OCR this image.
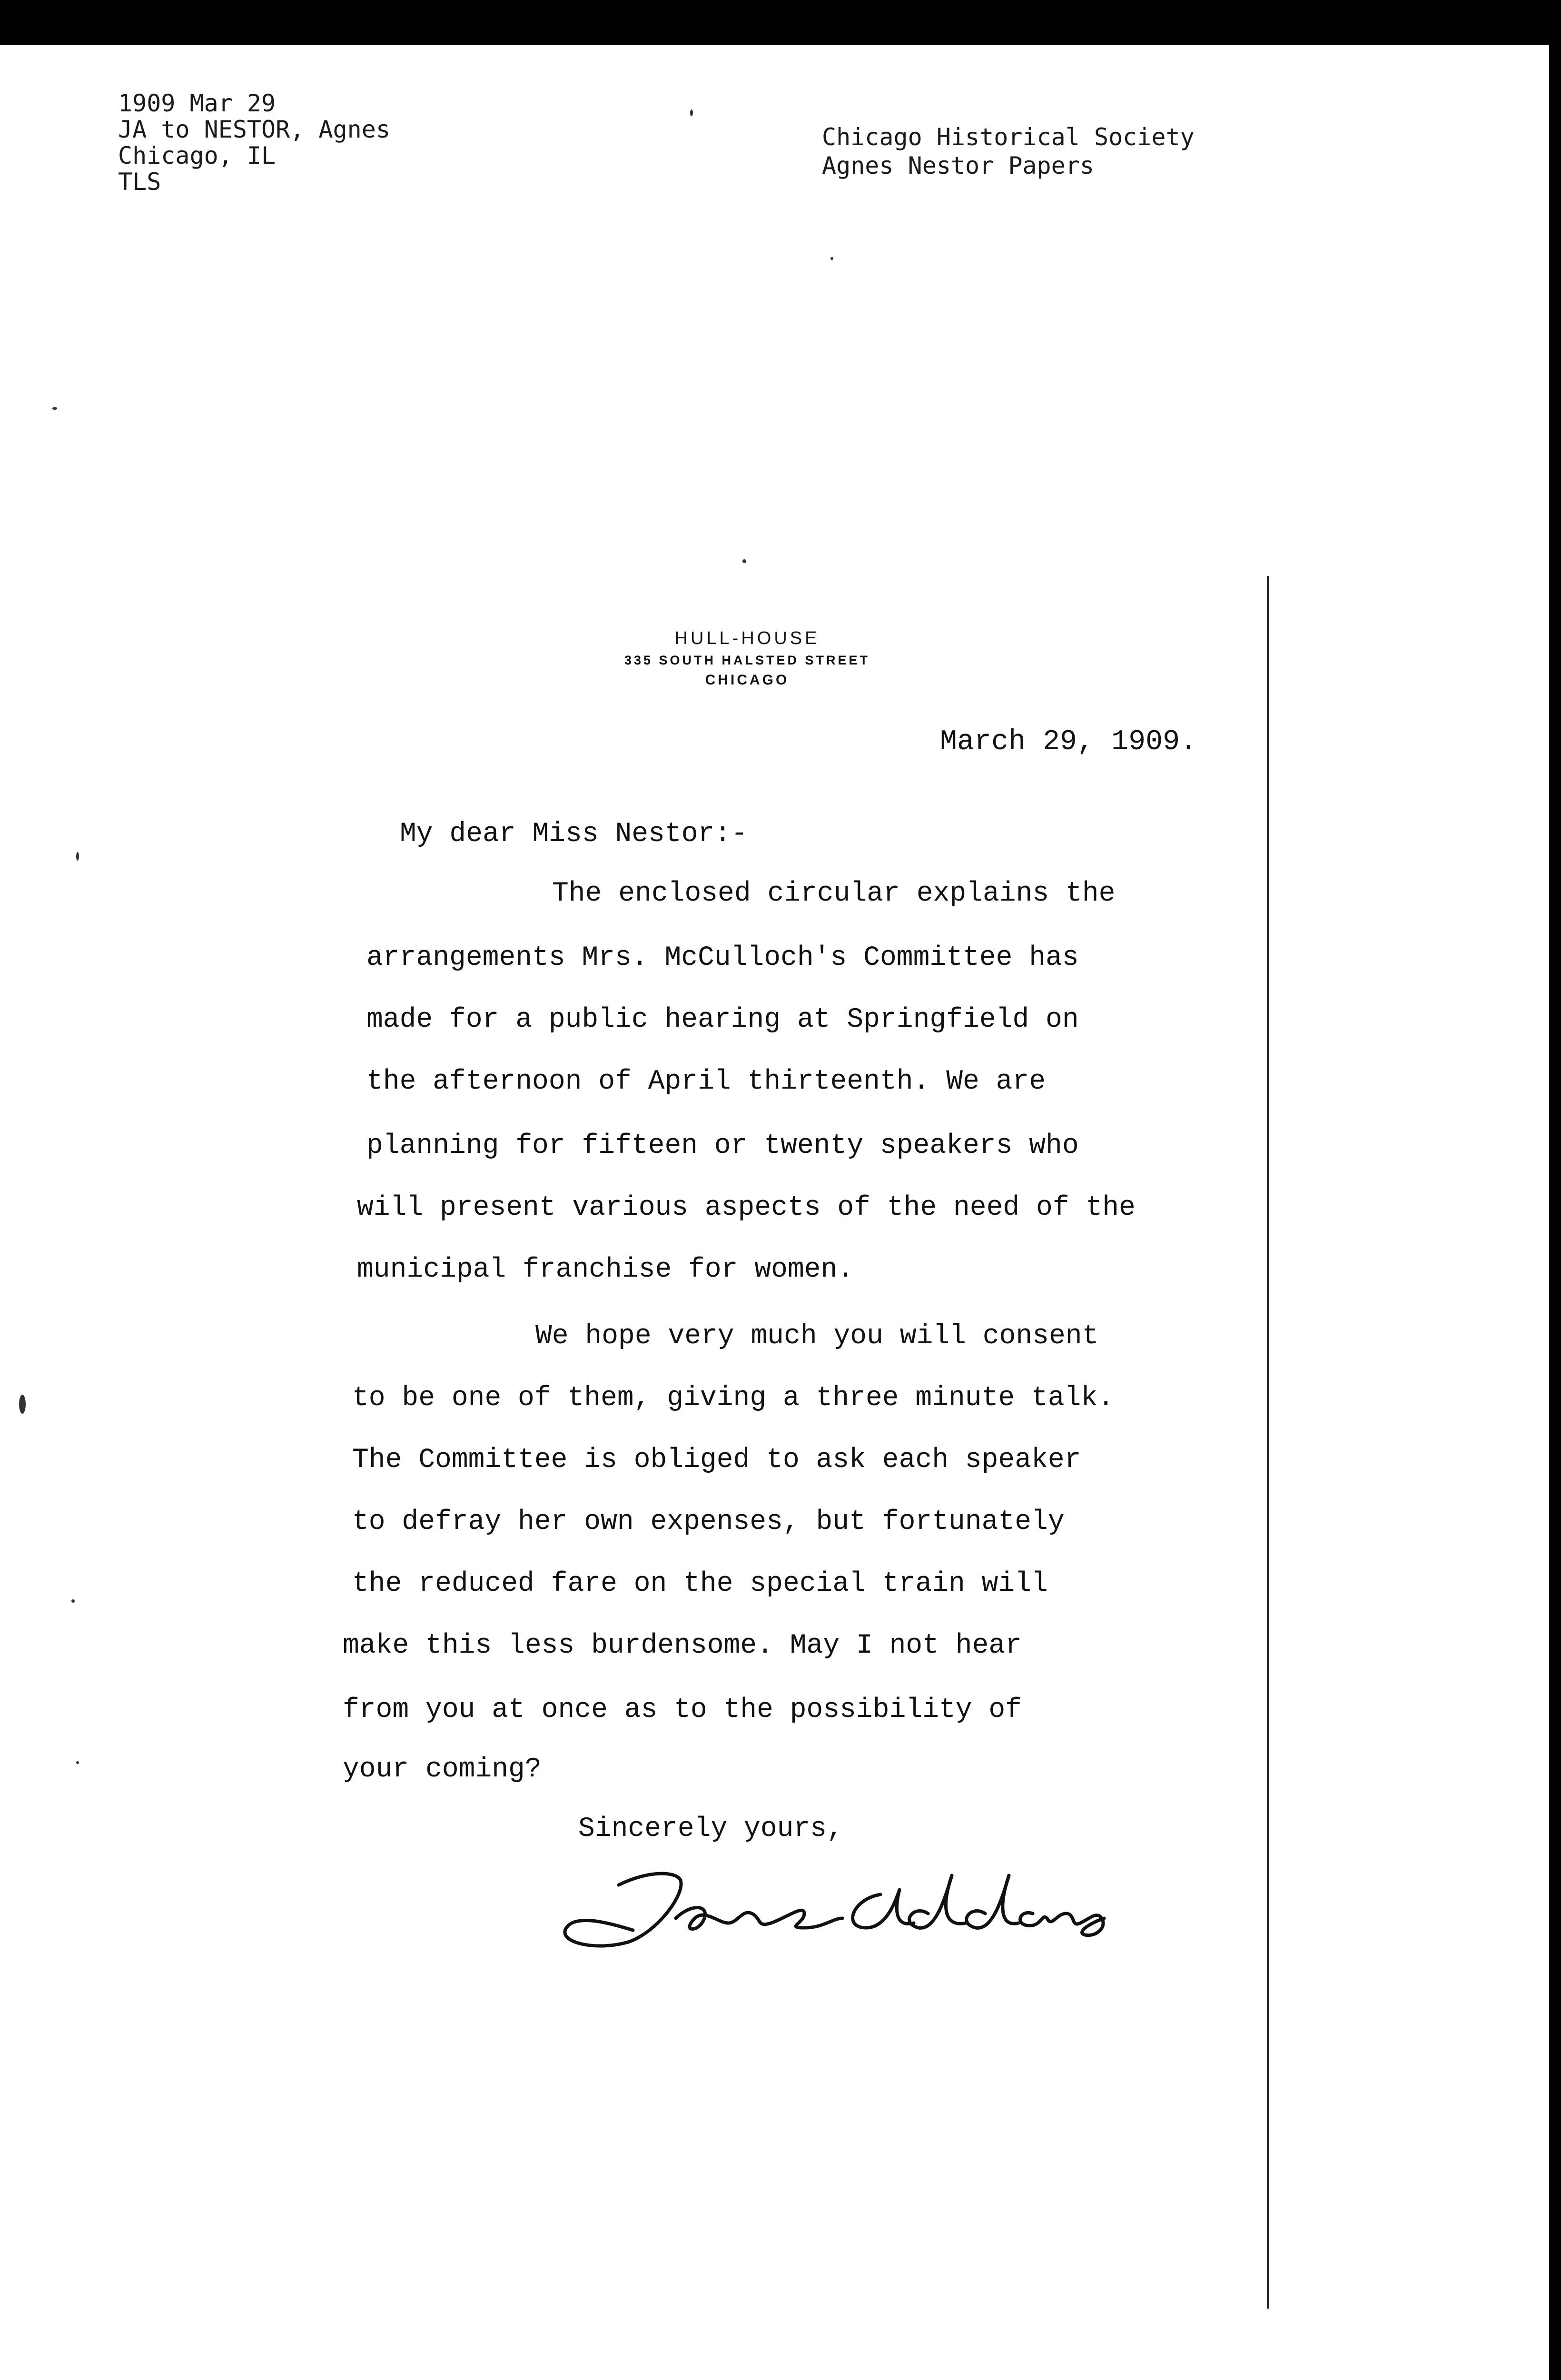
1909 Mar 29
JA to NESTOR, Agnes
Chicago, IL
TLS
Chicago Historical Society
Agnes Nestor Papers
HULL-HOUSE
335 SOUTH HALSTED STREET
CHICAGO
March 29, 1909.
My dear Miss Nestor:-
The enclosed circular explains the
arrangements Mrs. McCulloch's Committee has
made for a public hearing at Springfield on
the afternoon of April thirteenth. We are
planning for fifteen or twenty speakers who
will present various aspects of the need of the
municipal franchise for women.
We hope very much you will consent
to be one of them, giving a three minute talk.
The Committee is obliged to ask each speaker
to defray her own expenses, but fortunately
the reduced fare on the special train will
make this less burdensome. May I not hear
from you at once as to the possibility of
your coming?
Sincerely yours,
